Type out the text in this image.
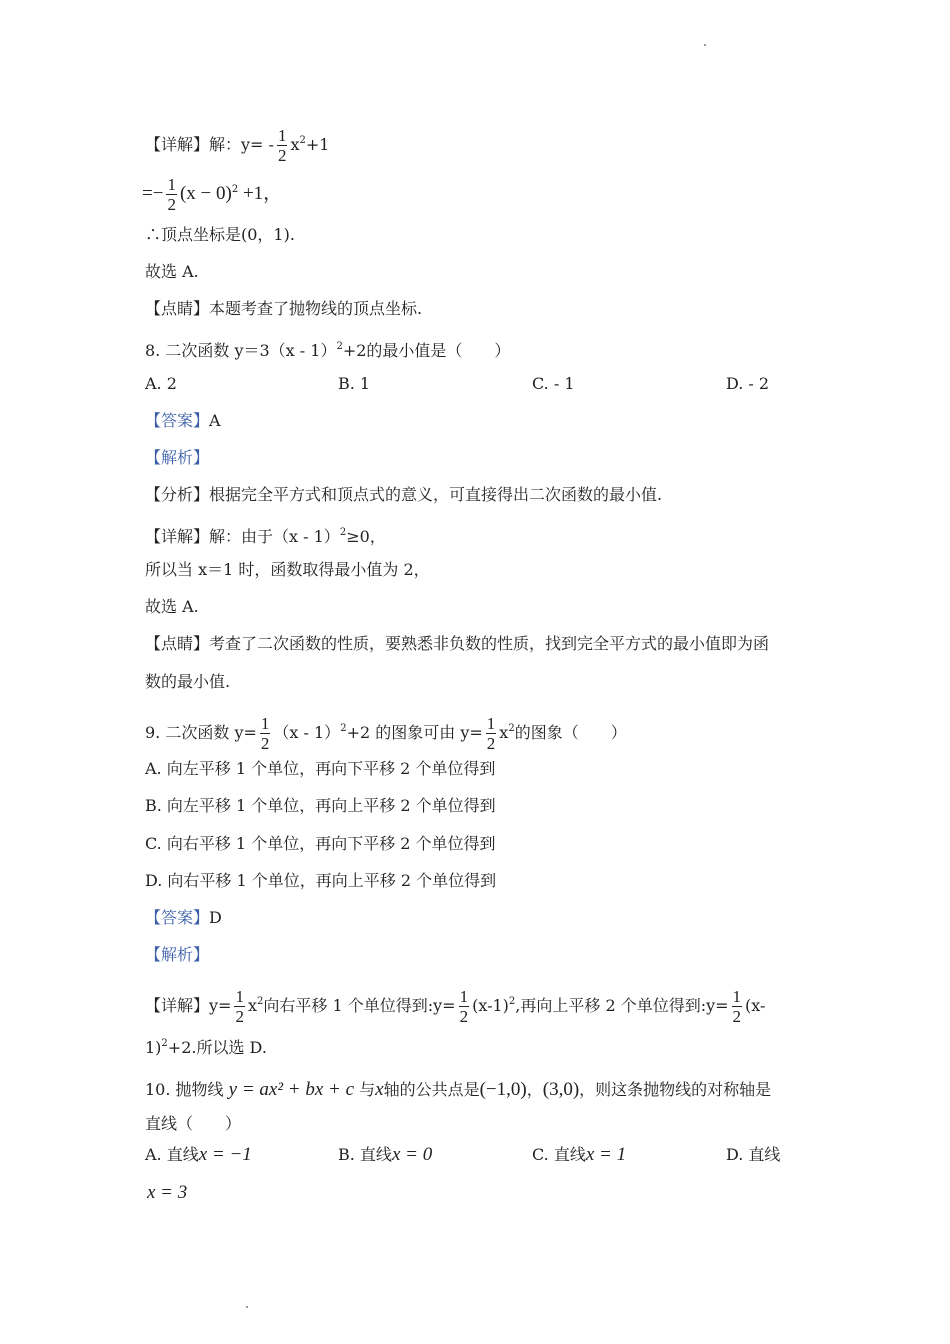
【详解】解：$y= - \frac{1}{2} x^2+1$
=− $\frac{1}{2} (x - 0)^2 +1$，
∴顶点坐标是(0，1).
故选 A.
【点睛】本题考查了抛物线的顶点坐标.
8. 二次函数 y＝3（x - 1）$^2$+2的最小值是（　　）
A. 2	B. 1	C. - 1	D. - 2
【答案】A
【解析】
【分析】根据完全平方式和顶点式的意义，可直接得出二次函数的最小值.
【详解】解：由于（x - 1）$^2$≥0，
所以当 x＝1 时，函数取得最小值为 2，
故选 A.
【点睛】考查了二次函数的性质，要熟悉非负数的性质，找到完全平方式的最小值即为函
数的最小值.
9. 二次函数 $y= \frac{1}{2} (x - 1)^2+2$ 的图象可由 $y= \frac{1}{2} x^2$的图象（　　）
A. 向左平移 1 个单位，再向下平移 2 个单位得到
B. 向左平移 1 个单位，再向上平移 2 个单位得到
C. 向右平移 1 个单位，再向下平移 2 个单位得到
D. 向右平移 1 个单位，再向上平移 2 个单位得到
【答案】D
【解析】
【详解】$y= \frac{1}{2} x^2$向右平移 1 个单位得到:y= $\frac{1}{2} (x-1)^2$,再向上平移 2 个单位得到:y= $\frac{1}{2} (x-$
1)$^2$+2.所以选 D.
10. 抛物线 y = ax² + bx + c 与x轴的公共点是(−1,0)，(3,0)，则这条抛物线的对称轴是
直线（　　）
A. 直线x = −1	B. 直线x = 0	C. 直线x = 1	D. 直线
x = 3
